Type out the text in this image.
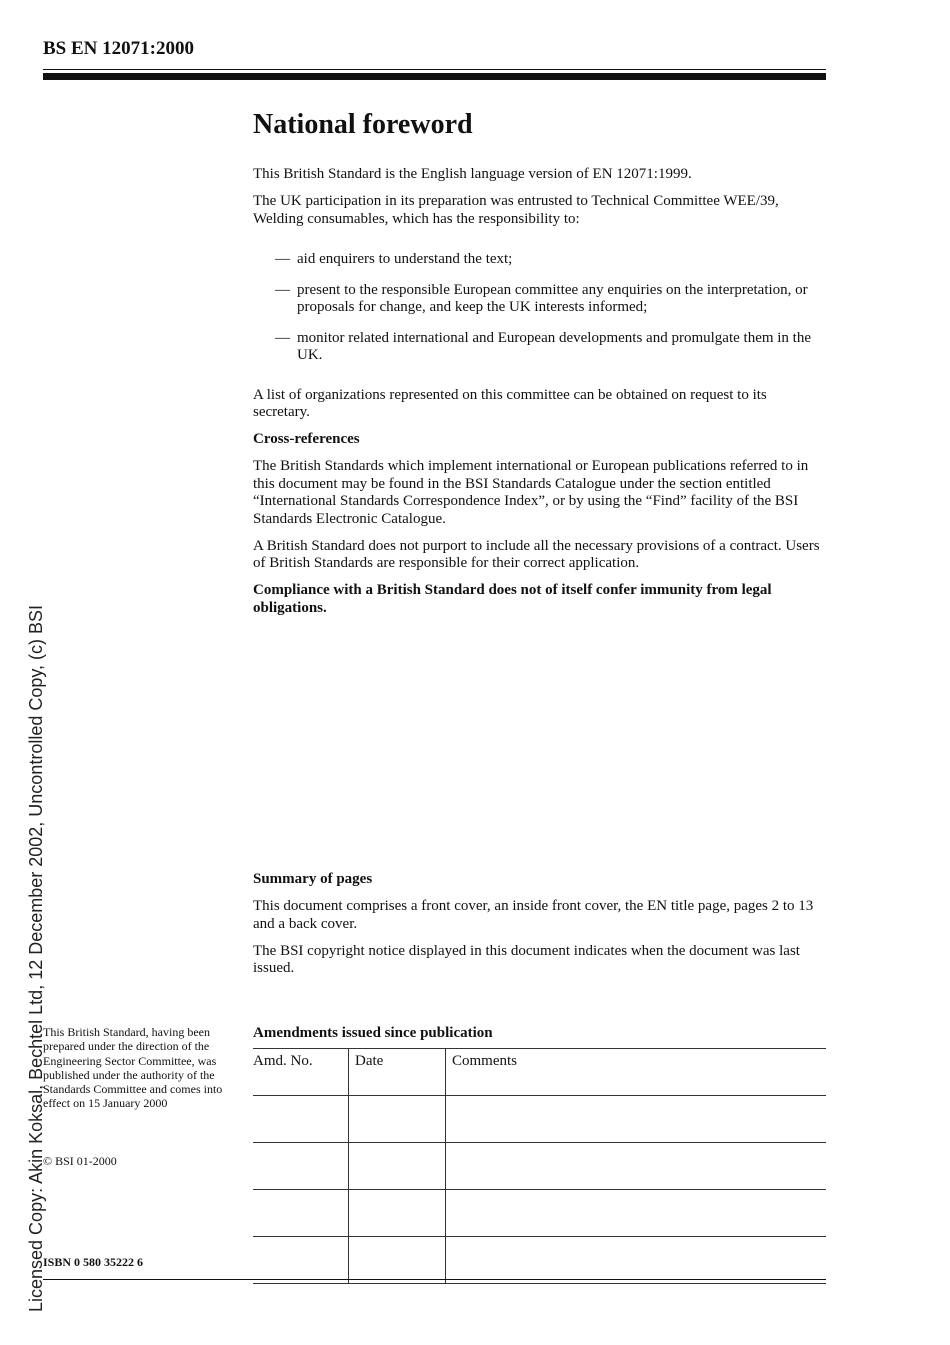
BS EN 12071:2000
National foreword

This British Standard is the English language version of EN 12071:1999.

The UK participation in its preparation was entrusted to Technical Committee WEE/39, Welding consumables, which has the responsibility to:

— aid enquirers to understand the text;
— present to the responsible European committee any enquiries on the interpretation, or proposals for change, and keep the UK interests informed;
— monitor related international and European developments and promulgate them in the UK.

A list of organizations represented on this committee can be obtained on request to its secretary.

Cross-references

The British Standards which implement international or European publications referred to in this document may be found in the BSI Standards Catalogue under the section entitled “International Standards Correspondence Index”, or by using the “Find” facility of the BSI Standards Electronic Catalogue.

A British Standard does not purport to include all the necessary provisions of a contract. Users of British Standards are responsible for their correct application.

Compliance with a British Standard does not of itself confer immunity from legal obligations.

Summary of pages

This document comprises a front cover, an inside front cover, the EN title page, pages 2 to 13 and a back cover.

The BSI copyright notice displayed in this document indicates when the document was last issued.

Amendments issued since publication
Amd. No.	Date	Comments

This British Standard, having been prepared under the direction of the Engineering Sector Committee, was published under the authority of the Standards Committee and comes into effect on 15 January 2000
© BSI 01-2000
ISBN 0 580 35222 6
Licensed Copy: Akin Koksal, Bechtel Ltd, 12 December 2002, Uncontrolled Copy, (c) BSI
